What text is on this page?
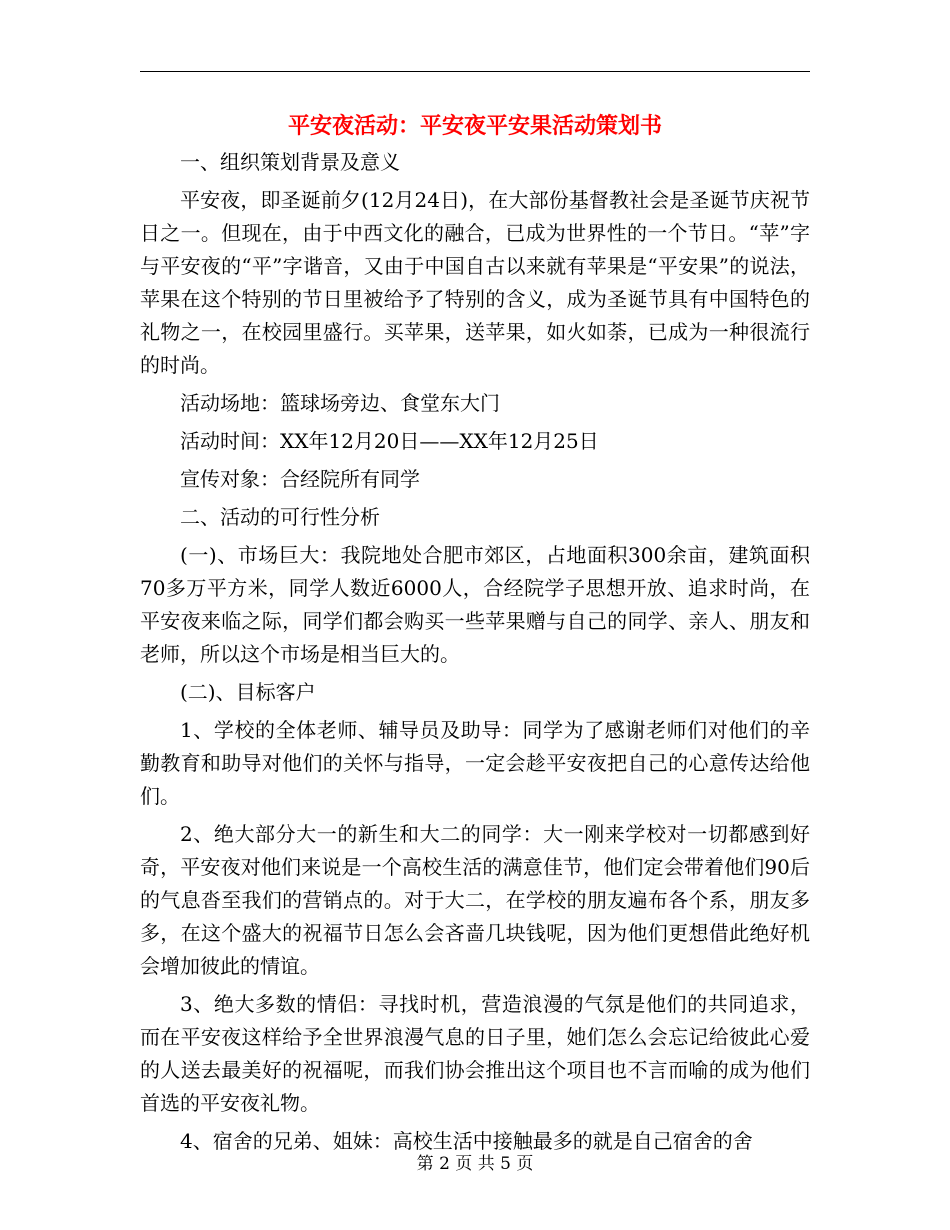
平安夜活动：平安夜平安果活动策划书

一、组织策划背景及意义

平安夜，即圣诞前夕(12月24日)，在大部份基督教社会是圣诞节庆祝节日之一。但现在，由于中西文化的融合，已成为世界性的一个节日。“苹”字与平安夜的“平”字谐音，又由于中国自古以来就有苹果是“平安果”的说法，苹果在这个特别的节日里被给予了特别的含义，成为圣诞节具有中国特色的礼物之一，在校园里盛行。买苹果，送苹果，如火如荼，已成为一种很流行的时尚。

活动场地：篮球场旁边、食堂东大门

活动时间：XX年12月20日——XX年12月25日

宣传对象：合经院所有同学

二、活动的可行性分析

(一)、市场巨大：我院地处合肥市郊区，占地面积300余亩，建筑面积70多万平方米，同学人数近6000人，合经院学子思想开放、追求时尚，在平安夜来临之际，同学们都会购买一些苹果赠与自己的同学、亲人、朋友和老师，所以这个市场是相当巨大的。

(二)、目标客户

1、学校的全体老师、辅导员及助导：同学为了感谢老师们对他们的辛勤教育和助导对他们的关怀与指导，一定会趁平安夜把自己的心意传达给他们。

2、绝大部分大一的新生和大二的同学：大一刚来学校对一切都感到好奇，平安夜对他们来说是一个高校生活的满意佳节，他们定会带着他们90后的气息沓至我们的营销点的。对于大二，在学校的朋友遍布各个系，朋友多多，在这个盛大的祝福节日怎么会吝啬几块钱呢，因为他们更想借此绝好机会增加彼此的情谊。

3、绝大多数的情侣：寻找时机，营造浪漫的气氛是他们的共同追求，而在平安夜这样给予全世界浪漫气息的日子里，她们怎么会忘记给彼此心爱的人送去最美好的祝福呢，而我们协会推出这个项目也不言而喻的成为他们首选的平安夜礼物。

4、宿舍的兄弟、姐妹：高校生活中接触最多的就是自己宿舍的舍

第 2 页 共 5 页
